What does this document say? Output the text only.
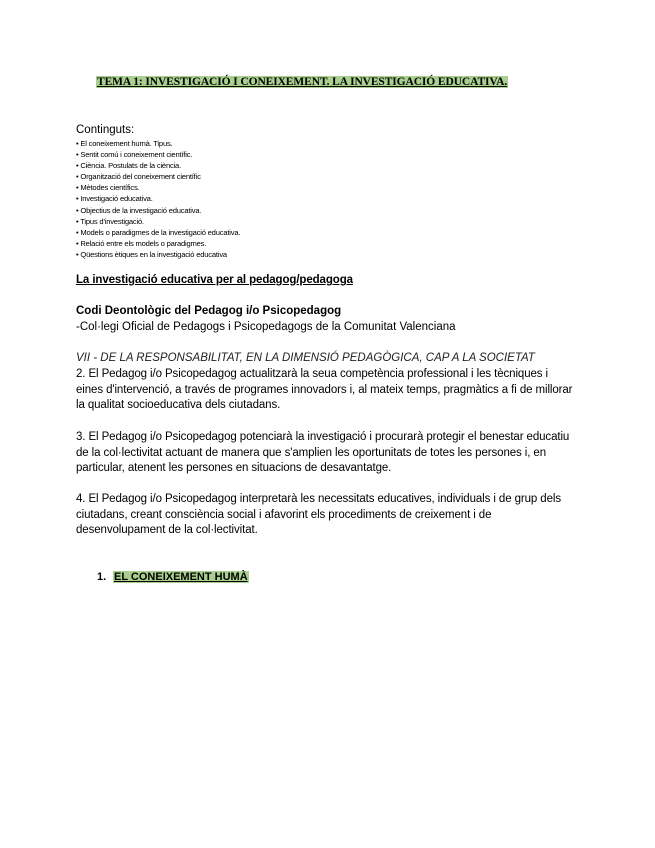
TEMA 1: INVESTIGACIÓ I CONEIXEMENT. LA INVESTIGACIÓ EDUCATIVA.
Continguts:
• El coneixement humà. Tipus.
• Sentit comú i coneixement científic.
• Ciència. Postulats de la ciència.
• Organització del coneixement científic
• Mètodes científics.
• Investigació educativa.
• Objectius de la investigació educativa.
• Tipus d'investigació.
• Models o paradigmes de la investigació educativa.
• Relació entre els models o paradigmes.
• Qüestions ètiques en la investigació educativa
La investigació educativa per al pedagog/pedagoga
Codi Deontològic del Pedagog i/o Psicopedagog
-Col·legi Oficial de Pedagogs i Psicopedagogs de la Comunitat Valenciana
VII - DE LA RESPONSABILITAT, EN LA DIMENSIÓ PEDAGÒGICA, CAP A LA SOCIETAT
2. El Pedagog i/o Psicopedagog actualitzarà la seua competència professional i les tècniques i eines d'intervenció, a través de programes innovadors i, al mateix temps, pragmàtics a fi de millorar la qualitat socioeducativa dels ciutadans.
3. El Pedagog i/o Psicopedagog potenciarà la investigació i procurarà protegir el benestar educatiu de la col·lectivitat actuant de manera que s'amplien les oportunitats de totes les persones i, en particular, atenent les persones en situacions de desavantatge.
4. El Pedagog i/o Psicopedagog interpretarà les necessitats educatives, individuals i de grup dels ciutadans, creant consciència social i afavorint els procediments de creixement i de desenvolupament de la col·lectivitat.
1. EL CONEIXEMENT HUMÀ
